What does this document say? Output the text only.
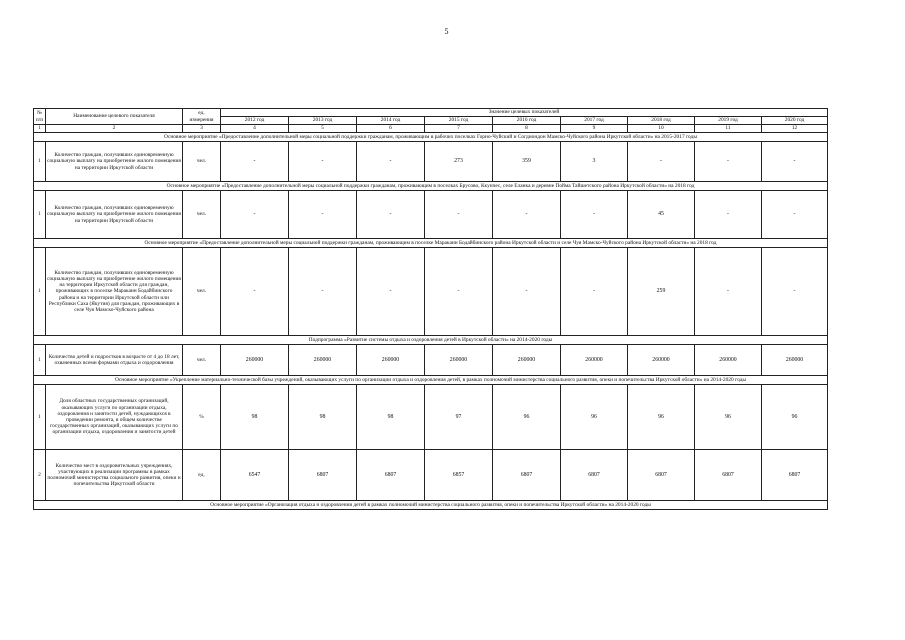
5
№
п/п	Наименование целевого показателя	ед.
измерения	Значение целевых показателей								
			2012 год	2013 год	2014 год	2015 год	2016 год	2017 год	2018 год	2019 год	2020 год
1	2	3	4	5	6	7	8	9	10	11	12
Основное мероприятие «Предоставление дополнительной меры социальной поддержки гражданам, проживающим в рабочих поселках Горно-Чуйский и Согдиондон Мамско-Чуйского района Иркутской области» на 2015-2017 годы											
1	Количество граждан, получивших единовременную социальную выплату на приобретение жилого помещения на территории Иркутской области	чел.	-	-	-	273	359	3	-	-	-
Основное мероприятие «Предоставление дополнительной меры социальной поддержки гражданам, проживающим в поселках Брусово, Ккунчес, селе Еланка и деревне Пойма Тайшетского района Иркутской области» на 2018 год											
1	Количество граждан, получивших единовременную социальную выплату на приобретение жилого помещения на территории Иркутской области	чел.	-	-	-	-	-	-	45	-	-
Основное мероприятие «Предоставление дополнительной меры социальной поддержки гражданам, проживающим в поселке Мараканн Бодайбинского района Иркутской области и селе Чуя Мамско-Чуйского района Иркутской области» на 2018 год											
1	Количество граждан, получивших единовременную социальную выплату на приобретение жилого помещения на территории Иркутской области для граждан, проживающих в поселке Мараканн Бодайбинского района и на территории Иркутской области или Республики Саха (Якутия) для граждан, проживающих в селе Чуя Мамско-Чуйского района	чел.	-	-	-	-	-	-	259	-	-
Подпрограмма «Развитие системы отдыха и оздоровления детей в Иркутской области» на 2014-2020 годы											
1	Количество детей и подростков в возрасте от 4 до 18 лет, охваченных всеми формами отдыха и оздоровления	чел.	260000	260000	260000	260000	260000	260000	260000	260000	260000
Основное мероприятие «Укрепление материально-технической базы учреждений, оказывающих услуги по организации отдыха и оздоровления детей, в рамках полномочий министерства социального развития, опеки и попечительства Иркутской области» на 2014-2020 годы											
1	Доля областных государственных организаций, оказывающих услуги по организации отдыха, оздоровления и занятости детей, нуждающихся в проведении ремонта, в общем количестве государственных организаций, оказывающих услуги по организации отдыха, оздоровления и занятости детей	%	98	98	98	97	96	96	96	96	96
2	Количество мест в оздоровительных учреждениях, участвующих в реализации программы в рамках полномочий министерства социального развития, опеки и попечительства Иркутской области	ед.	6547	6807	6807	6857	6807	6807	6807	6807	6807
Основное мероприятие «Организация отдыха и оздоровления детей в рамках полномочий министерства социального развития, опеки и попечительства Иркутской области» на 2014-2020 годы											
